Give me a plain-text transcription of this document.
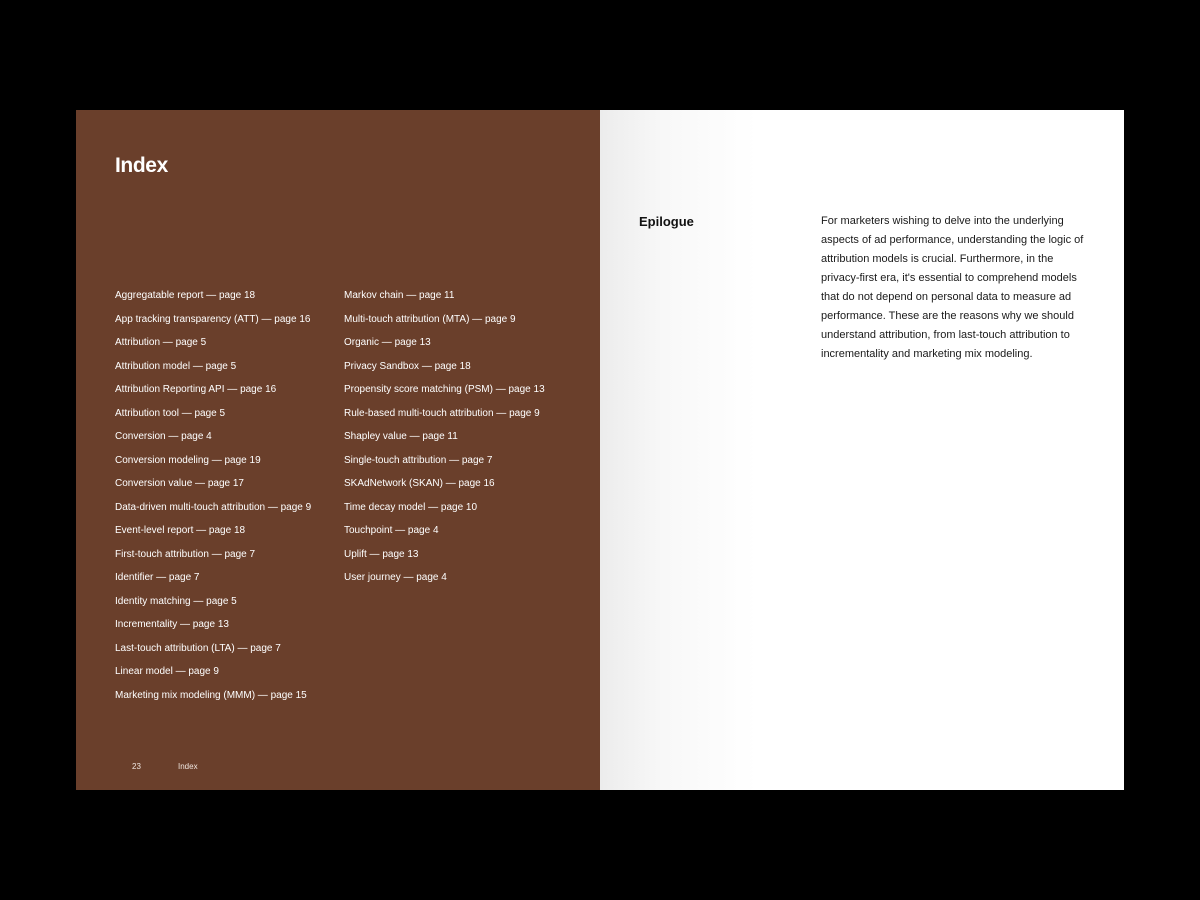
Index
Aggregatable report — page 18
App tracking transparency (ATT) — page 16
Attribution — page 5
Attribution model — page 5
Attribution Reporting API — page 16
Attribution tool — page 5
Conversion — page 4
Conversion modeling — page 19
Conversion value — page 17
Data-driven multi-touch attribution — page 9
Event-level report — page 18
First-touch attribution — page 7
Identifier — page 7
Identity matching — page 5
Incrementality — page 13
Last-touch attribution (LTA) — page 7
Linear model — page 9
Marketing mix modeling (MMM) — page 15
Markov chain — page 11
Multi-touch attribution (MTA) — page 9
Organic — page 13
Privacy Sandbox — page 18
Propensity score matching (PSM) — page 13
Rule-based multi-touch attribution — page 9
Shapley value — page 11
Single-touch attribution — page 7
SKAdNetwork (SKAN) — page 16
Time decay model — page 10
Touchpoint — page 4
Uplift — page 13
User journey — page 4
23	Index
Epilogue	For marketers wishing to delve into the underlying aspects of ad performance, understanding the logic of attribution models is crucial. Furthermore, in the privacy-first era, it's essential to comprehend models that do not depend on personal data to measure ad performance. These are the reasons why we should understand attribution, from last-touch attribution to incrementality and marketing mix modeling.
